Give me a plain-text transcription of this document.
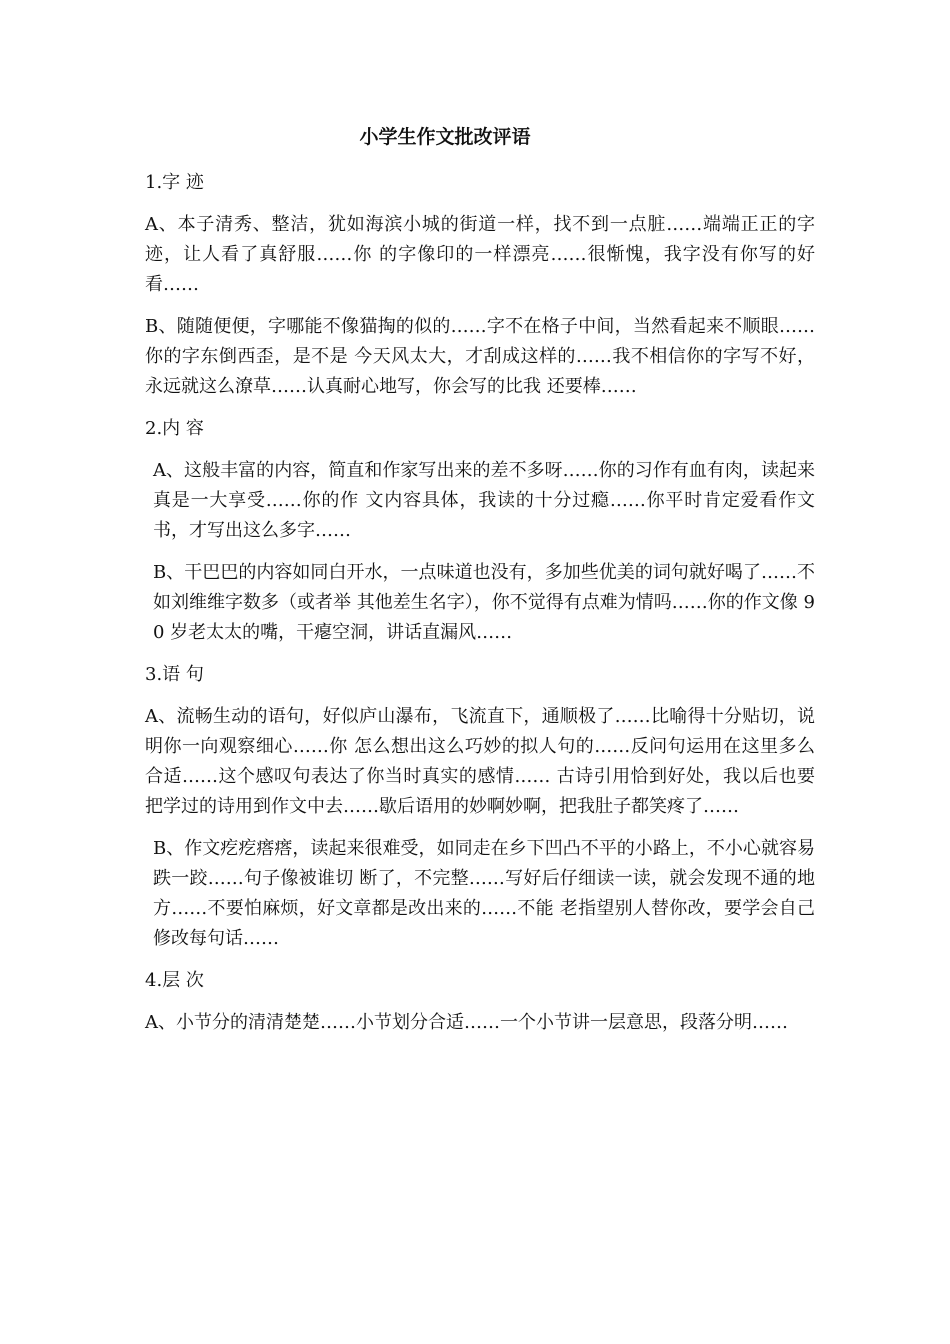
小学生作文批改评语

1.字 迹

A、本子清秀、整洁，犹如海滨小城的街道一样，找不到一点脏……端端正正的字迹，让人看了真舒服……你 的字像印的一样漂亮……很惭愧，我字没有你写的好看……

B、随随便便，字哪能不像猫掏的似的……字不在格子中间，当然看起来不顺眼……你的字东倒西歪，是不是 今天风太大，才刮成这样的……我不相信你的字写不好，永远就这么潦草……认真耐心地写，你会写的比我 还要棒……

2.内 容

A、这般丰富的内容，简直和作家写出来的差不多呀……你的习作有血有肉，读起来真是一大享受……你的作 文内容具体，我读的十分过瘾……你平时肯定爱看作文书，才写出这么多字……

B、干巴巴的内容如同白开水，一点味道也没有，多加些优美的词句就好喝了……不如刘维维字数多（或者举 其他差生名字），你不觉得有点难为情吗……你的作文像 90 岁老太太的嘴，干瘪空洞，讲话直漏风……

3.语 句

A、流畅生动的语句，好似庐山瀑布，飞流直下，通顺极了……比喻得十分贴切，说明你一向观察细心……你 怎么想出这么巧妙的拟人句的……反问句运用在这里多么合适……这个感叹句表达了你当时真实的感情…… 古诗引用恰到好处，我以后也要把学过的诗用到作文中去……歇后语用的妙啊妙啊，把我肚子都笑疼了……

B、作文疙疙瘩瘩，读起来很难受，如同走在乡下凹凸不平的小路上，不小心就容易跌一跤……句子像被谁切 断了，不完整……写好后仔细读一读，就会发现不通的地方……不要怕麻烦，好文章都是改出来的……不能 老指望别人替你改，要学会自己修改每句话……

4.层 次

A、小节分的清清楚楚……小节划分合适……一个小节讲一层意思，段落分明……
